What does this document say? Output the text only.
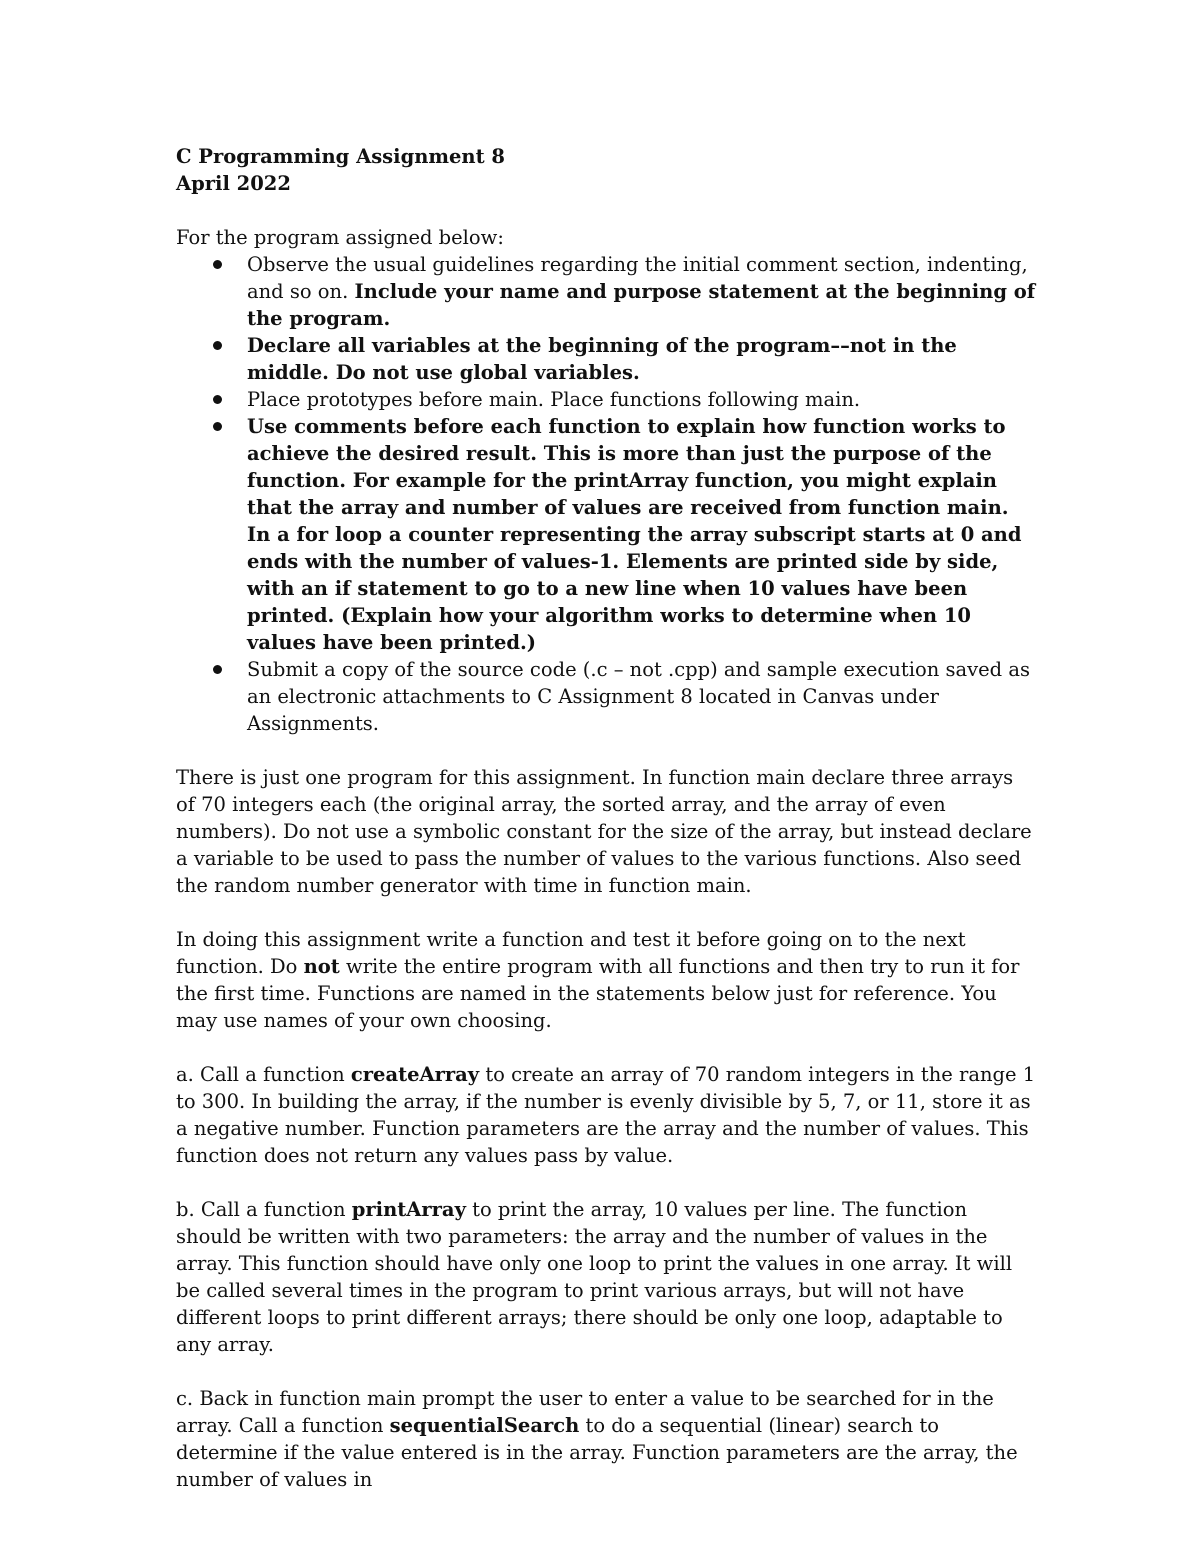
C Programming Assignment 8

April 2022

For the program assigned below:

Observe the usual guidelines regarding the initial comment section, indenting, and so on. Include your name and purpose statement at the beginning of the program.
Declare all variables at the beginning of the program––not in the middle. Do not use global variables.
Place prototypes before main. Place functions following main.
Use comments before each function to explain how function works to achieve the desired result. This is more than just the purpose of the function. For example for the printArray function, you might explain that the array and number of values are received from function main. In a for loop a counter representing the array subscript starts at 0 and ends with the number of values-1. Elements are printed side by side, with an if statement to go to a new line when 10 values have been printed. (Explain how your algorithm works to determine when 10 values have been printed.)
Submit a copy of the source code (.c – not .cpp) and sample execution saved as an electronic attachments to C Assignment 8 located in Canvas under Assignments.

There is just one program for this assignment. In function main declare three arrays of 70 integers each (the original array, the sorted array, and the array of even numbers). Do not use a symbolic constant for the size of the array, but instead declare a variable to be used to pass the number of values to the various functions. Also seed the random number generator with time in function main.

In doing this assignment write a function and test it before going on to the next function. Do not write the entire program with all functions and then try to run it for the first time. Functions are named in the statements below just for reference. You may use names of your own choosing.

a. Call a function createArray to create an array of 70 random integers in the range 1 to 300. In building the array, if the number is evenly divisible by 5, 7, or 11, store it as a negative number. Function parameters are the array and the number of values. This function does not return any values pass by value.

b. Call a function printArray to print the array, 10 values per line. The function should be written with two parameters: the array and the number of values in the array. This function should have only one loop to print the values in one array. It will be called several times in the program to print various arrays, but will not have different loops to print different arrays; there should be only one loop, adaptable to any array.

c. Back in function main prompt the user to enter a value to be searched for in the array. Call a function sequentialSearch to do a sequential (linear) search to determine if the value entered is in the array. Function parameters are the array, the number of values in
